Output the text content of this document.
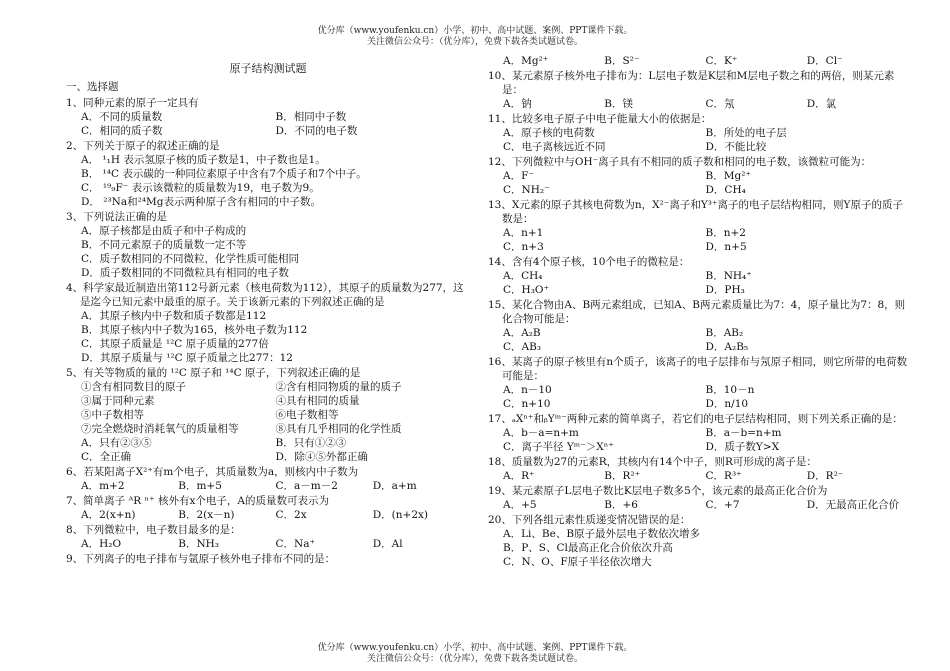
优分库（www.youfenku.cn）小学、初中、高中试题、案例、PPT课件下载。
关注微信公众号：（优分库），免费下载各类试题试卷。
原子结构测试题
一、选择题
1、同种元素的原子一定具有
A．不同的质量数	B．相同中子数
C．相同的质子数	D．不同的电子数
2、下列关于原子的叙述正确的是
A． ¹₁H 表示氢原子核的质子数是1，中子数也是1。
B． ¹⁴C 表示碳的一种同位素原子中含有7个质子和7个中子。
C． ¹⁹₉F⁻ 表示该微粒的质量数为19，电子数为9。
D． ²³Na和²⁴Mg表示两种原子含有相同的中子数。
3、下列说法正确的是
A．原子核都是由质子和中子构成的
B．不同元素原子的质量数一定不等
C．质子数相同的不同微粒，化学性质可能相同
D．质子数相同的不同微粒具有相同的电子数
4、科学家最近制造出第112号新元素（核电荷数为112），其原子的质量数为277，这是迄今已知元素中最重的原子。关于该新元素的下列叙述正确的是
A．其原子核内中子数和质子数都是112
B．其原子核内中子数为165，核外电子数为112
C．其原子质量是 ¹²C 原子质量的277倍
D．其原子质量与 ¹²C 原子质量之比277：12
5、有关等物质的量的 ¹²C 原子和 ¹⁴C 原子，下列叙述正确的是
①含有相同数目的原子	②含有相同物质的量的质子
③属于同种元素	④具有相同的质量
⑤中子数相等	⑥电子数相等
⑦完全燃烧时消耗氧气的质量相等	⑧具有几乎相同的化学性质
A．只有②③⑤	B．只有①②③
C．全正确	D．除④⑤外都正确
6、若某阳离子X²⁺有m个电子，其质量数为a，则核内中子数为
A．m+2	B．m+5	C．a－m－2	D．a+m
7、简单离子 ᴬR ⁿ⁺ 核外有x个电子，A的质量数可表示为
A．2(x+n)	B．2(x－n)	C．2x	D．(n+2x)
8、下列微粒中，电子数目最多的是：
A．H₂O	B．NH₃	C．Na⁺	D．Al
9、下列离子的电子排布与氩原子核外电子排布不同的是：
A．Mg²⁺	B．S²⁻	C．K⁺	D．Cl⁻
10、某元素原子核外电子排布为：L层电子数是K层和M层电子数之和的两倍，则某元素是：
A．钠	B．镁	C．氖	D．氯
11、比较多电子原子中电子能量大小的依据是：
A．原子核的电荷数	B．所处的电子层
C．电子离核远近不同	D．不能比较
12、下列微粒中与OH⁻离子具有不相同的质子数和相同的电子数，该微粒可能为：
A．F⁻	B．Mg²⁺
C．NH₂⁻	D．CH₄
13、X元素的原子其核电荷数为n，X²⁻离子和Y³⁺离子的电子层结构相同，则Y原子的质子数是：
A．n+1	B．n+2
C．n+3	D．n+5
14、含有4个原子核，10个电子的微粒是：
A．CH₄	B．NH₄⁺
C．H₃O⁺	D．PH₃
15、某化合物由A、B两元素组成，已知A、B两元素质量比为7：4，原子量比为7：8，则化合物可能是：
A．A₂B	B．AB₂
C．AB₃	D．A₂B₅
16、某离子的原子核里有n个质子，该离子的电子层排布与氖原子相同，则它所带的电荷数 可能是：
A．n－10	B．10－n
C．n+10	D．n/10
17、ₐXⁿ⁺和ᵦYᵐ⁻两种元素的简单离子，若它们的电子层结构相同，则下列关系正确的是：
A．b－a=n+m	B．a－b=n+m
C．离子半径 Yᵐ⁻＞Xⁿ⁺	D．质子数Y>X
18、质量数为27的元素R，其核内有14个中子，则R可形成的离子是：
A．R⁺	B．R²⁺	C．R³⁺	D．R²⁻
19、某元素原子L层电子数比K层电子数多5个，该元素的最高正化合价为
A．+5	B．+6	C．+7	D．无最高正化合价
20、下列各组元素性质递变情况错误的是：
A．Li、Be、B原子最外层电子数依次增多
B．P、S、Cl最高正化合价依次升高
C．N、O、F原子半径依次增大
优分库（www.youfenku.cn）小学、初中、高中试题、案例、PPT课件下载。
关注微信公众号：（优分库），免费下载各类试题试卷。
